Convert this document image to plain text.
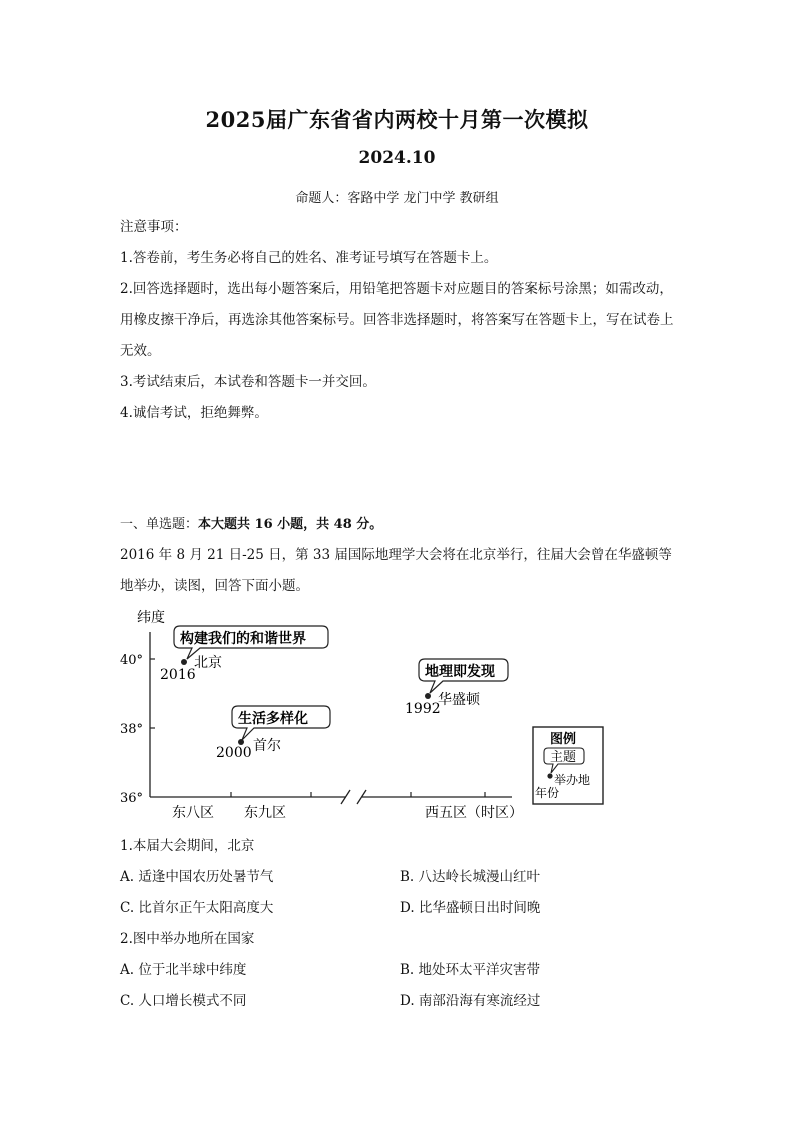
2025届广东省省内两校十月第一次模拟
2024.10
命题人：客路中学 龙门中学 教研组
注意事项：
1.答卷前，考生务必将自己的姓名、准考证号填写在答题卡上。
2.回答选择题时，选出每小题答案后，用铅笔把答题卡对应题目的答案标号涂黑；如需改动，用橡皮擦干净后，再选涂其他答案标号。回答非选择题时，将答案写在答题卡上，写在试卷上无效。
3.考试结束后，本试卷和答题卡一并交回。
4.诚信考试，拒绝舞弊。
一、单选题：本大题共 16 小题，共 48 分。
2016 年 8 月 21 日-25 日，第 33 届国际地理学大会将在北京举行，往届大会曾在华盛顿等地举办，读图，回答下面小题。
纬度
40°
38°
36°
东八区 东九区	西五区（时区）
构建我们的和谐世界
2016
北京
生活多样化
2000 首尔
地理即发现
1992
华盛顿
图例
主题
举办地
年份
1.本届大会期间，北京
A. 适逢中国农历处暑节气	B. 八达岭长城漫山红叶
C. 比首尔正午太阳高度大	D. 比华盛顿日出时间晚
2.图中举办地所在国家
A. 位于北半球中纬度	B. 地处环太平洋灾害带
C. 人口增长模式不同	D. 南部沿海有寒流经过
